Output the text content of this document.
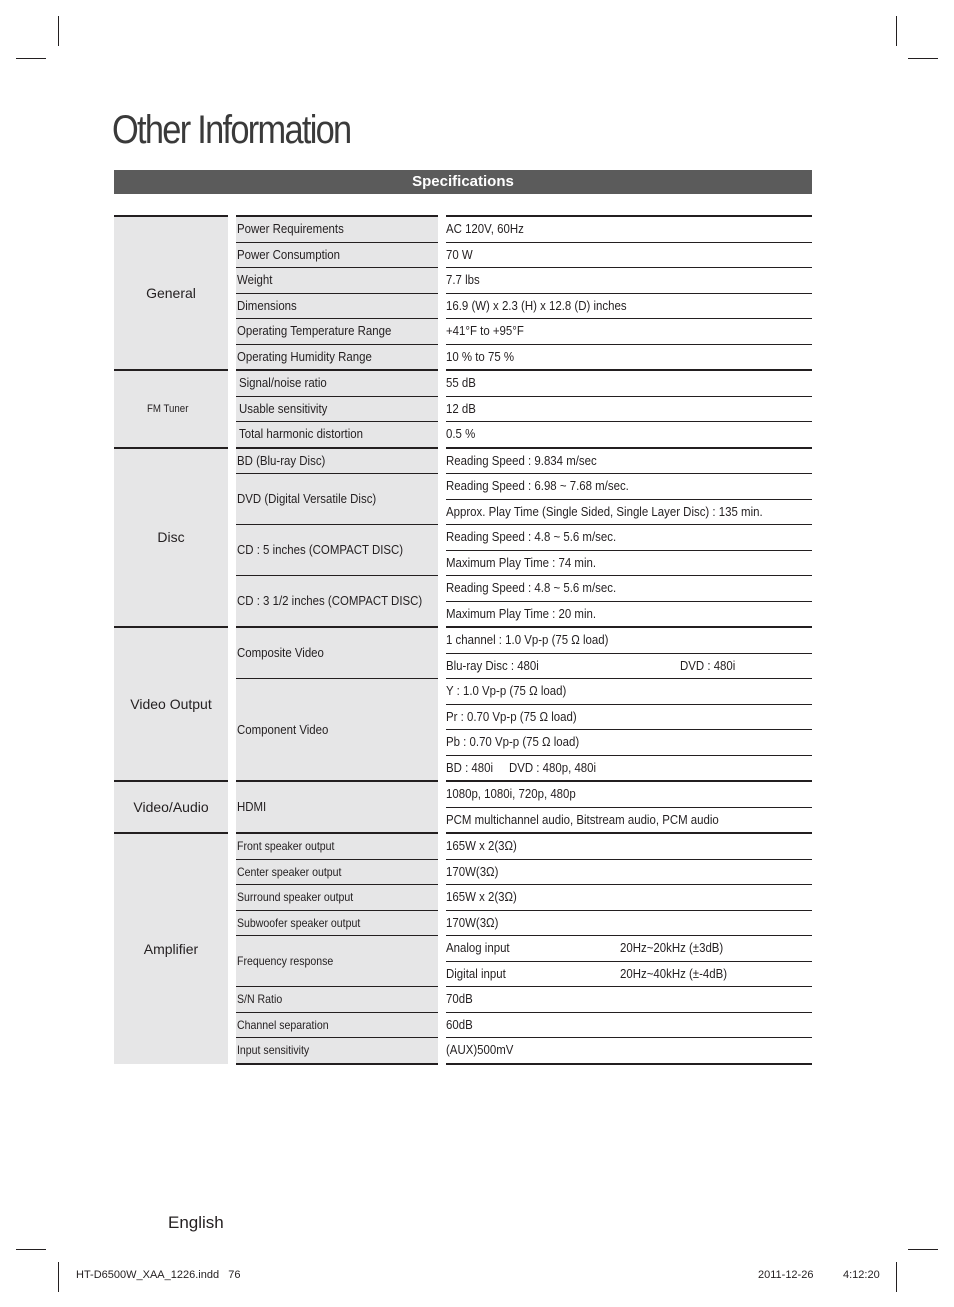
Other Information
Specifications
General	Power Requirements	AC 120V, 60Hz
	Power Consumption	70 W
	Weight	7.7 lbs
	Dimensions	16.9 (W) x 2.3 (H) x 12.8 (D) inches
	Operating Temperature Range	+41°F to +95°F
	Operating Humidity Range	10 % to 75 %
FM Tuner	Signal/noise ratio	55 dB
	Usable sensitivity	12 dB
	Total harmonic distortion	0.5 %
Disc	BD (Blu-ray Disc)	Reading Speed : 9.834 m/sec
	DVD (Digital Versatile Disc)	Reading Speed : 6.98 ~ 7.68 m/sec.
		Approx. Play Time (Single Sided, Single Layer Disc) : 135 min.
	CD : 5 inches (COMPACT DISC)	Reading Speed : 4.8 ~ 5.6 m/sec.
		Maximum Play Time : 74 min.
	CD : 3 1/2 inches (COMPACT DISC)	Reading Speed : 4.8 ~ 5.6 m/sec.
		Maximum Play Time : 20 min.
Video Output	Composite Video	1 channel : 1.0 Vp-p (75 Ω load)

		Blu-ray Disc : 480i DVD : 480i

	Component Video	Y : 1.0 Vp-p (75 Ω load)
		Pr : 0.70 Vp-p (75 Ω load)
		Pb : 0.70 Vp-p (75 Ω load)
		BD : 480i     DVD : 480p, 480i
Video/Audio	HDMI	1080p, 1080i, 720p, 480p
		PCM multichannel audio, Bitstream audio, PCM audio
Amplifier	Front speaker output	165W x 2(3Ω)
	Center speaker output	170W(3Ω)
	Surround speaker output	165W x 2(3Ω)
	Subwoofer speaker output	170W(3Ω)
	Frequency response	Analog input 20Hz~20kHz (±3dB)

		Digital input 20Hz~40kHz (±-4dB)

	S/N Ratio	70dB
	Channel separation	60dB
	Input sensitivity	(AUX)500mV
English
HT-D6500W_XAA_1226.indd   76	2011-12-26	4:12:20
